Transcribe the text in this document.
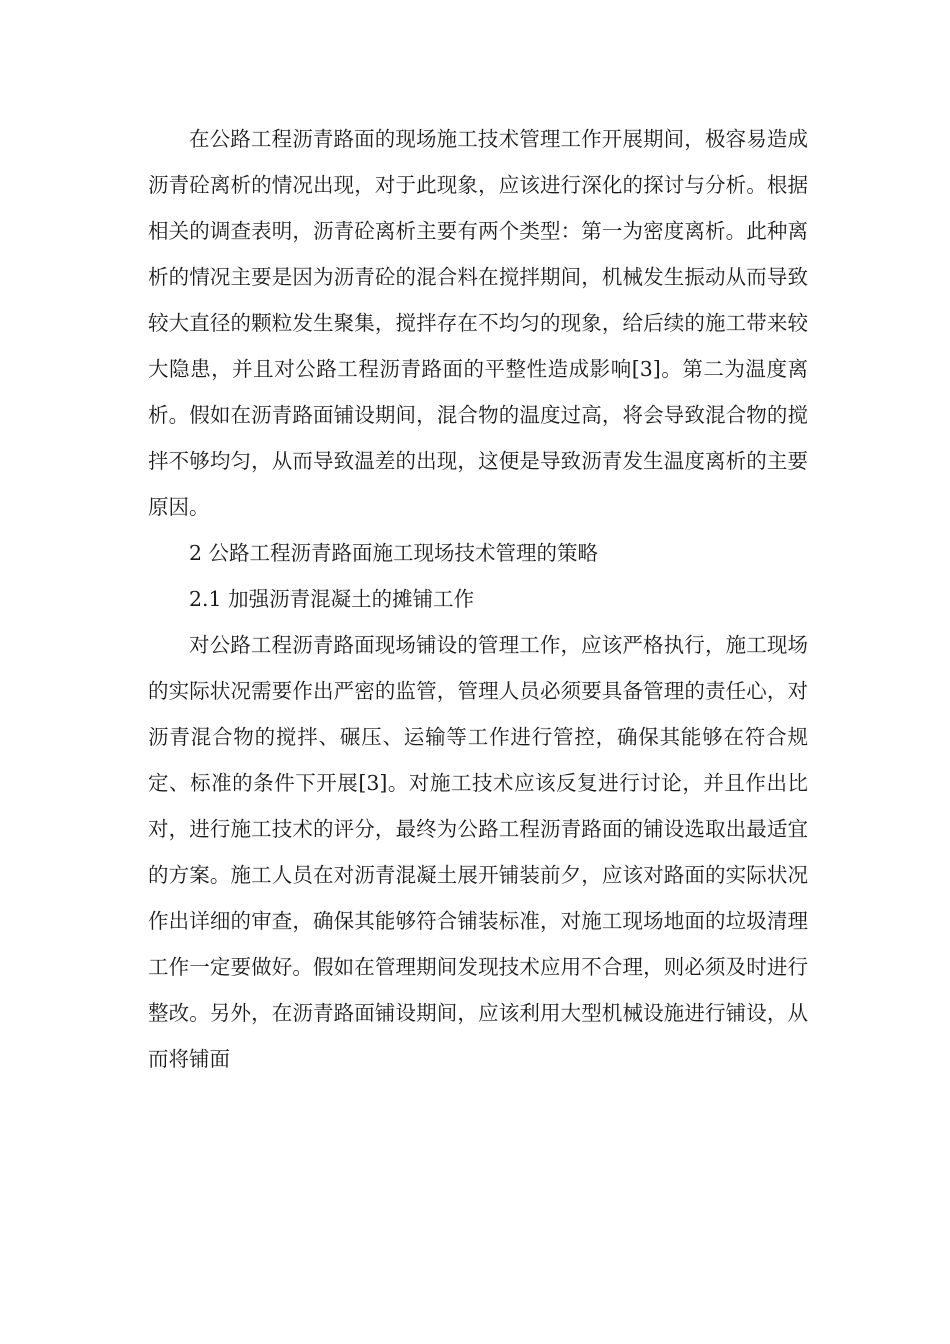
在公路工程沥青路面的现场施工技术管理工作开展期间，极容易造成沥青砼离析的情况出现，对于此现象，应该进行深化的探讨与分析。根据相关的调查表明，沥青砼离析主要有两个类型：第一为密度离析。此种离析的情况主要是因为沥青砼的混合料在搅拌期间，机械发生振动从而导致较大直径的颗粒发生聚集，搅拌存在不均匀的现象，给后续的施工带来较大隐患，并且对公路工程沥青路面的平整性造成影响[3]。第二为温度离析。假如在沥青路面铺设期间，混合物的温度过高，将会导致混合物的搅拌不够均匀，从而导致温差的出现，这便是导致沥青发生温度离析的主要原因。

2 公路工程沥青路面施工现场技术管理的策略

2.1 加强沥青混凝土的摊铺工作

对公路工程沥青路面现场铺设的管理工作，应该严格执行，施工现场的实际状况需要作出严密的监管，管理人员必须要具备管理的责任心，对沥青混合物的搅拌、碾压、运输等工作进行管控，确保其能够在符合规定、标准的条件下开展[3]。对施工技术应该反复进行讨论，并且作出比对，进行施工技术的评分，最终为公路工程沥青路面的铺设选取出最适宜的方案。施工人员在对沥青混凝土展开铺装前夕，应该对路面的实际状况作出详细的审查，确保其能够符合铺装标准，对施工现场地面的垃圾清理工作一定要做好。假如在管理期间发现技术应用不合理，则必须及时进行整改。另外，在沥青路面铺设期间，应该利用大型机械设施进行铺设，从而将铺面
